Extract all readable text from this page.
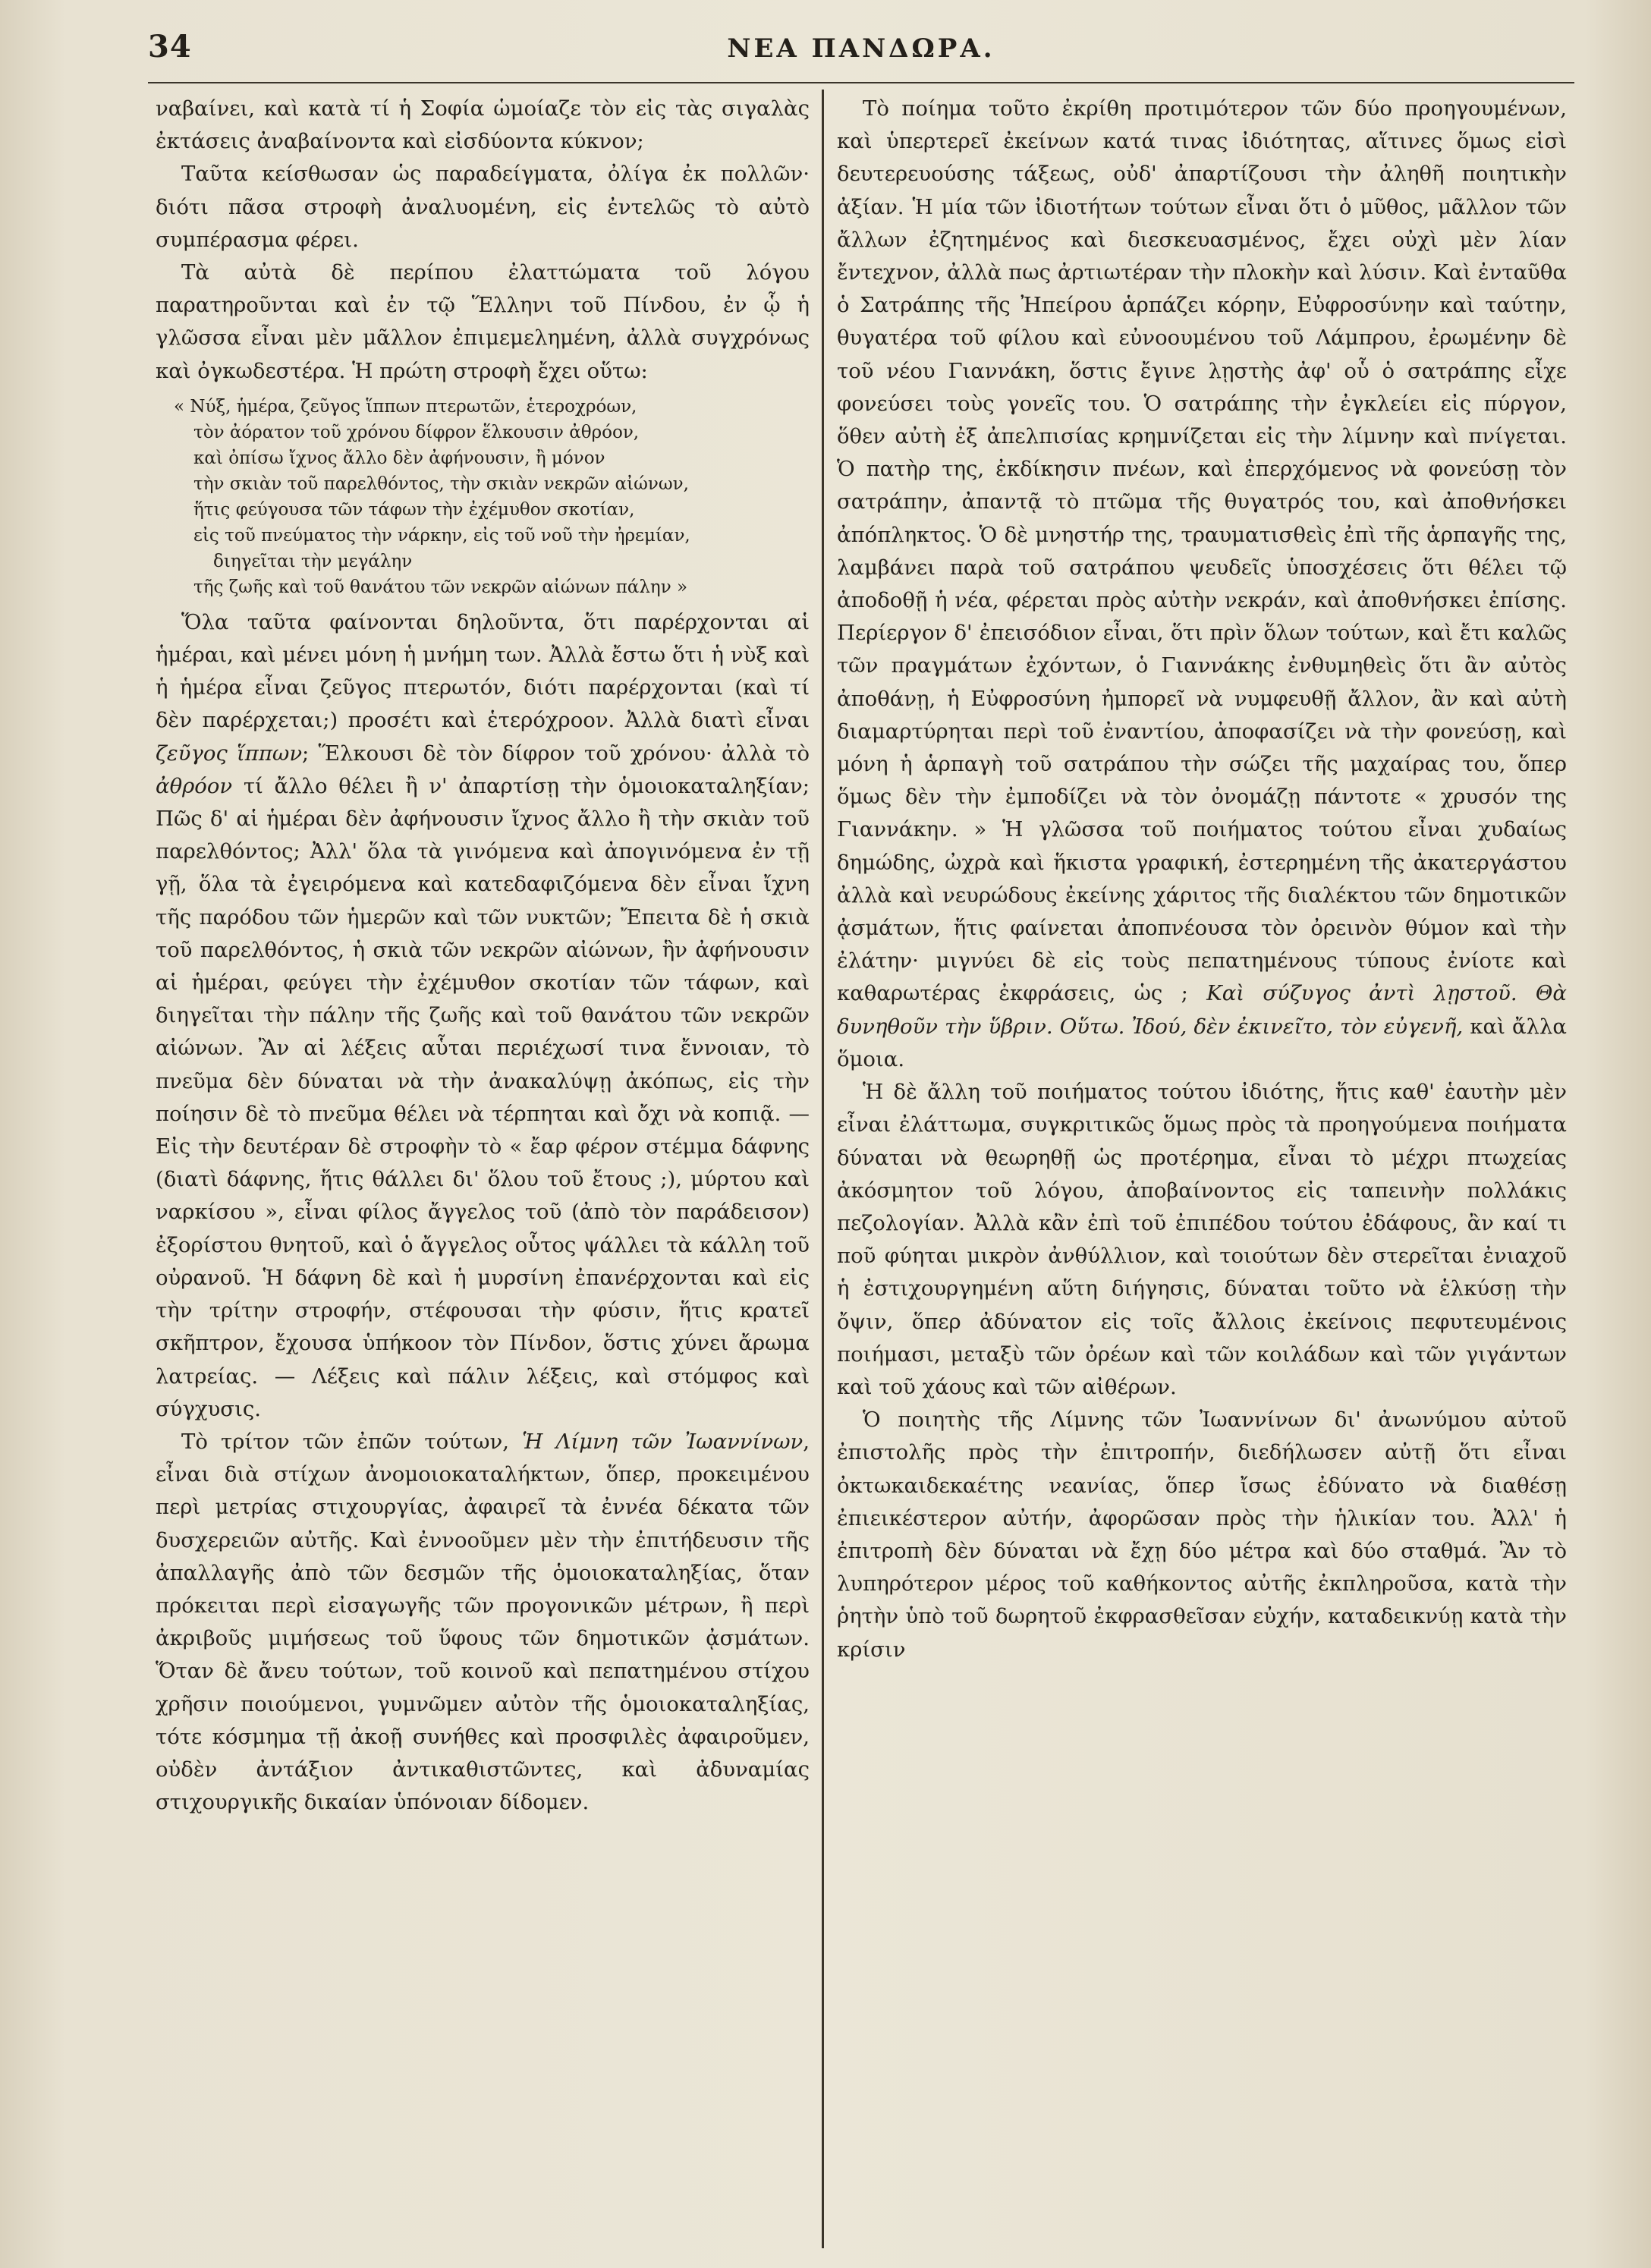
34	ΝΕΑ ΠΑΝΔΩΡΑ.

ναβαίνει, καὶ κατὰ τί ἡ Σοφία ὡμοίαζε τὸν εἰς τὰς σιγαλὰς ἐκτάσεις ἀναβαίνοντα καὶ εἰσδύοντα κύκνον;

Ταῦτα κείσθωσαν ὡς παραδείγματα, ὀλίγα ἐκ πολλῶν· διότι πᾶσα στροφὴ ἀναλυομένη, εἰς ἐντελῶς τὸ αὐτὸ συμπέρασμα φέρει.

Τὰ αὐτὰ δὲ περίπου ἐλαττώματα τοῦ λόγου παρατηροῦνται καὶ ἐν τῷ Ἕλληνι τοῦ Πίνδου, ἐν ᾧ ἡ γλῶσσα εἶναι μὲν μᾶλλον ἐπιμεμελημένη, ἀλλὰ συγχρόνως καὶ ὀγκωδεστέρα. Ἡ πρώτη στροφὴ ἔχει οὕτω:

« Νύξ, ἡμέρα, ζεῦγος ἵππων πτερωτῶν, ἑτεροχρόων,
τὸν ἀόρατον τοῦ χρόνου δίφρον ἕλκουσιν ἀθρόον,
καὶ ὀπίσω ἴχνος ἄλλο δὲν ἀφήνουσιν, ἢ μόνον
τὴν σκιὰν τοῦ παρελθόντος, τὴν σκιὰν νεκρῶν αἰώνων,
ἥτις φεύγουσα τῶν τάφων τὴν ἐχέμυθον σκοτίαν,
εἰς τοῦ πνεύματος τὴν νάρκην, εἰς τοῦ νοῦ τὴν ἠρεμίαν,
διηγεῖται τὴν μεγάλην
τῆς ζωῆς καὶ τοῦ θανάτου τῶν νεκρῶν αἰώνων πάλην »

Ὅλα ταῦτα φαίνονται δηλοῦντα, ὅτι παρέρχονται αἱ ἡμέραι, καὶ μένει μόνη ἡ μνήμη των. Ἀλλὰ ἔστω ὅτι ἡ νὺξ καὶ ἡ ἡμέρα εἶναι ζεῦγος πτερωτόν, διότι παρέρχονται (καὶ τί δὲν παρέρχεται;) προσέτι καὶ ἑτερόχροον. Ἀλλὰ διατὶ εἶναι ζεῦγος ἵππων; Ἕλκουσι δὲ τὸν δίφρον τοῦ χρόνου· ἀλλὰ τὸ ἀθρόον τί ἄλλο θέλει ἢ ν' ἀπαρτίσῃ τὴν ὁμοιοκαταληξίαν; Πῶς δ' αἱ ἡμέραι δὲν ἀφήνουσιν ἴχνος ἄλλο ἢ τὴν σκιὰν τοῦ παρελθόντος; Ἀλλ' ὅλα τὰ γινόμενα καὶ ἀπογινόμενα ἐν τῇ γῇ, ὅλα τὰ ἐγειρόμενα καὶ κατεδαφιζόμενα δὲν εἶναι ἴχνη τῆς παρόδου τῶν ἡμερῶν καὶ τῶν νυκτῶν; Ἔπειτα δὲ ἡ σκιὰ τοῦ παρελθόντος, ἡ σκιὰ τῶν νεκρῶν αἰώνων, ἣν ἀφήνουσιν αἱ ἡμέραι, φεύγει τὴν ἐχέμυθον σκοτίαν τῶν τάφων, καὶ διηγεῖται τὴν πάλην τῆς ζωῆς καὶ τοῦ θανάτου τῶν νεκρῶν αἰώνων. Ἂν αἱ λέξεις αὗται περιέχωσί τινα ἔννοιαν, τὸ πνεῦμα δὲν δύναται νὰ τὴν ἀνακαλύψῃ ἀκόπως, εἰς τὴν ποίησιν δὲ τὸ πνεῦμα θέλει νὰ τέρπηται καὶ ὄχι νὰ κοπιᾷ. — Εἰς τὴν δευτέραν δὲ στροφὴν τὸ « ἔαρ φέρον στέμμα δάφνης (διατὶ δάφνης, ἥτις θάλλει δι' ὅλου τοῦ ἔτους ;), μύρτου καὶ ναρκίσου », εἶναι φίλος ἄγγελος τοῦ (ἀπὸ τὸν παράδεισον) ἐξορίστου θνητοῦ, καὶ ὁ ἄγγελος οὗτος ψάλλει τὰ κάλλη τοῦ οὐρανοῦ. Ἡ δάφνη δὲ καὶ ἡ μυρσίνη ἐπανέρχονται καὶ εἰς τὴν τρίτην στροφήν, στέφουσαι τὴν φύσιν, ἥτις κρατεῖ σκῆπτρον, ἔχουσα ὑπήκοον τὸν Πίνδον, ὅστις χύνει ἄρωμα λατρείας. — Λέξεις καὶ πάλιν λέξεις, καὶ στόμφος καὶ σύγχυσις.

Τὸ τρίτον τῶν ἐπῶν τούτων, Ἡ Λίμνη τῶν Ἰωαννίνων, εἶναι διὰ στίχων ἀνομοιοκαταλήκτων, ὅπερ, προκειμένου περὶ μετρίας στιχουργίας, ἀφαιρεῖ τὰ ἐννέα δέκατα τῶν δυσχερειῶν αὐτῆς. Καὶ ἐννοοῦμεν μὲν τὴν ἐπιτήδευσιν τῆς ἀπαλλαγῆς ἀπὸ τῶν δεσμῶν τῆς ὁμοιοκαταληξίας, ὅταν πρόκειται περὶ εἰσαγωγῆς τῶν προγονικῶν μέτρων, ἢ περὶ ἀκριβοῦς μιμήσεως τοῦ ὕφους τῶν δημοτικῶν ᾀσμάτων. Ὅταν δὲ ἄνευ τούτων, τοῦ κοινοῦ καὶ πεπατημένου στίχου χρῆσιν ποιούμενοι, γυμνῶμεν αὐτὸν τῆς ὁμοιοκαταληξίας, τότε κόσμημα τῇ ἀκοῇ συνήθες καὶ προσφιλὲς ἀφαιροῦμεν, οὐδὲν ἀντάξιον ἀντικαθιστῶντες, καὶ ἀδυναμίας στιχουργικῆς δικαίαν ὑπόνοιαν δίδομεν.

Τὸ ποίημα τοῦτο ἐκρίθη προτιμότερον τῶν δύο προηγουμένων, καὶ ὑπερτερεῖ ἐκείνων κατά τινας ἰδιότητας, αἵτινες ὅμως εἰσὶ δευτερευούσης τάξεως, οὐδ' ἀπαρτίζουσι τὴν ἀληθῆ ποιητικὴν ἀξίαν. Ἡ μία τῶν ἰδιοτήτων τούτων εἶναι ὅτι ὁ μῦθος, μᾶλλον τῶν ἄλλων ἐζητημένος καὶ διεσκευασμένος, ἔχει οὐχὶ μὲν λίαν ἔντεχνον, ἀλλὰ πως ἀρτιωτέραν τὴν πλοκὴν καὶ λύσιν. Καὶ ἐνταῦθα ὁ Σατράπης τῆς Ἠπείρου ἁρπάζει κόρην, Εὐφροσύνην καὶ ταύτην, θυγατέρα τοῦ φίλου καὶ εὐνοουμένου τοῦ Λάμπρου, ἐρωμένην δὲ τοῦ νέου Γιαννάκη, ὅστις ἔγινε λῃστὴς ἀφ' οὗ ὁ σατράπης εἶχε φονεύσει τοὺς γονεῖς του. Ὁ σατράπης τὴν ἐγκλείει εἰς πύργον, ὅθεν αὐτὴ ἐξ ἀπελπισίας κρημνίζεται εἰς τὴν λίμνην καὶ πνίγεται. Ὁ πατὴρ της, ἐκδίκησιν πνέων, καὶ ἐπερχόμενος νὰ φονεύσῃ τὸν σατράπην, ἀπαντᾷ τὸ πτῶμα τῆς θυγατρός του, καὶ ἀποθνήσκει ἀπόπληκτος. Ὁ δὲ μνηστήρ της, τραυματισθεὶς ἐπὶ τῆς ἁρπαγῆς της, λαμβάνει παρὰ τοῦ σατράπου ψευδεῖς ὑποσχέσεις ὅτι θέλει τῷ ἀποδοθῇ ἡ νέα, φέρεται πρὸς αὐτὴν νεκράν, καὶ ἀποθνήσκει ἐπίσης. Περίεργον δ' ἐπεισόδιον εἶναι, ὅτι πρὶν ὅλων τούτων, καὶ ἔτι καλῶς τῶν πραγμάτων ἐχόντων, ὁ Γιαννάκης ἐνθυμηθεὶς ὅτι ἂν αὐτὸς ἀποθάνῃ, ἡ Εὐφροσύνη ἠμπορεῖ νὰ νυμφευθῇ ἄλλον, ἂν καὶ αὐτὴ διαμαρτύρηται περὶ τοῦ ἐναντίου, ἀποφασίζει νὰ τὴν φονεύσῃ, καὶ μόνη ἡ ἁρπαγὴ τοῦ σατράπου τὴν σώζει τῆς μαχαίρας του, ὅπερ ὅμως δὲν τὴν ἐμποδίζει νὰ τὸν ὀνομάζῃ πάντοτε « χρυσόν της Γιαννάκην. » Ἡ γλῶσσα τοῦ ποιήματος τούτου εἶναι χυδαίως δημώδης, ὠχρὰ καὶ ἥκιστα γραφική, ἐστερημένη τῆς ἀκατεργάστου ἀλλὰ καὶ νευρώδους ἐκείνης χάριτος τῆς διαλέκτου τῶν δημοτικῶν ᾀσμάτων, ἥτις φαίνεται ἀποπνέουσα τὸν ὀρεινὸν θύμον καὶ τὴν ἐλάτην· μιγνύει δὲ εἰς τοὺς πεπατημένους τύπους ἐνίοτε καὶ καθαρωτέρας ἐκφράσεις, ὡς ; Καὶ σύζυγος ἀντὶ λῃστοῦ. Θὰ δυνηθοῦν τὴν ὕβριν. Οὕτω. Ἰδού, δὲν ἐκινεῖτο, τὸν εὐγενῆ, καὶ ἄλλα ὅμοια.

Ἡ δὲ ἄλλη τοῦ ποιήματος τούτου ἰδιότης, ἥτις καθ' ἑαυτὴν μὲν εἶναι ἐλάττωμα, συγκριτικῶς ὅμως πρὸς τὰ προηγούμενα ποιήματα δύναται νὰ θεωρηθῇ ὡς προτέρημα, εἶναι τὸ μέχρι πτωχείας ἀκόσμητον τοῦ λόγου, ἀποβαίνοντος εἰς ταπεινὴν πολλάκις πεζολογίαν. Ἀλλὰ κἂν ἐπὶ τοῦ ἐπιπέδου τούτου ἐδάφους, ἂν καί τι ποῦ φύηται μικρὸν ἀνθύλλιον, καὶ τοιούτων δὲν στερεῖται ἐνιαχοῦ ἡ ἐστιχουργημένη αὕτη διήγησις, δύναται τοῦτο νὰ ἑλκύσῃ τὴν ὄψιν, ὅπερ ἀδύνατον εἰς τοῖς ἄλλοις ἐκείνοις πεφυτευμένοις ποιήμασι, μεταξὺ τῶν ὀρέων καὶ τῶν κοιλάδων καὶ τῶν γιγάντων καὶ τοῦ χάους καὶ τῶν αἰθέρων.

Ὁ ποιητὴς τῆς Λίμνης τῶν Ἰωαννίνων δι' ἀνωνύμου αὐτοῦ ἐπιστολῆς πρὸς τὴν ἐπιτροπήν, διεδήλωσεν αὐτῇ ὅτι εἶναι ὀκτωκαιδεκαέτης νεανίας, ὅπερ ἴσως ἐδύνατο νὰ διαθέσῃ ἐπιεικέστερον αὐτήν, ἀφορῶσαν πρὸς τὴν ἡλικίαν του. Ἀλλ' ἡ ἐπιτροπὴ δὲν δύναται νὰ ἔχῃ δύο μέτρα καὶ δύο σταθμά. Ἂν τὸ λυπηρότερον μέρος τοῦ καθήκοντος αὐτῆς ἐκπληροῦσα, κατὰ τὴν ῥητὴν ὑπὸ τοῦ δωρητοῦ ἐκφρασθεῖσαν εὐχήν, καταδεικνύῃ κατὰ τὴν κρίσιν
